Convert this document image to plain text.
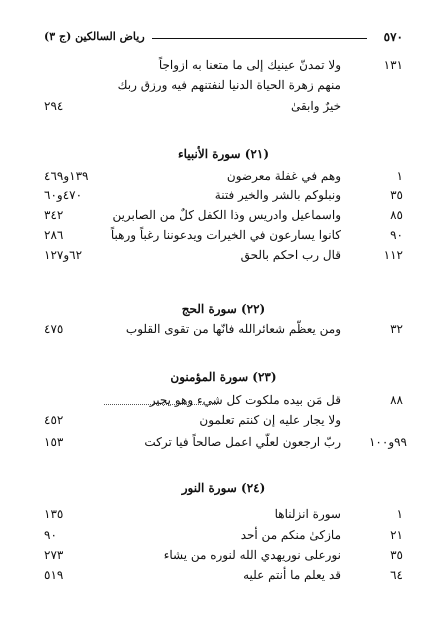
٥٧٠
رياض السالكين (ج ٣)
١٣١
ولا تمدنّ عينيك إلى ما متعنا به ازواجاً
منهم زهرة الحياة الدنيا لنفتنهم فيه ورزق ربك
خيرٌ وابقىٰ
٢٩٤
(٢١) سورة الأنبياء
١
وهم في غفلة معرضون
١٣٩و٤٦٩
٣٥
ونبلوكم بالشر والخير فتنة
٤٧٠و٦٠
٨٥
واسماعيل وادريس وذا الكفل كلٌ من الصابرين
٣٤٢
٩٠
كانوا يسارعون في الخيرات ويدعوننا رغباً ورهباً
٢٨٦
١١٢
قال رب احكم بالحق
٦٢و١٢٧
(٢٢) سورة الحج
٣٢
ومن يعظّم شعائرالله فانّها من تقوى القلوب
٤٧٥
(٢٣) سورة المؤمنون
٨٨
قل مَن بيده ملكوت كل شيء وهو يجير
ولا يجار عليه إن كنتم تعلمون
٤٥٢
٩٩و١٠٠
ربّ ارجعون لعلّي اعمل صالحاً فيا تركت
١٥٣
(٢٤) سورة النور
١
سورة انزلناها
١٣٥
٢١
مازكىٰ منكم من أحد
٩٠
٣٥
نورعلى نوريهدي الله لنوره من يشاء
٢٧٣
٦٤
قد يعلم ما أنتم عليه
٥١٩
